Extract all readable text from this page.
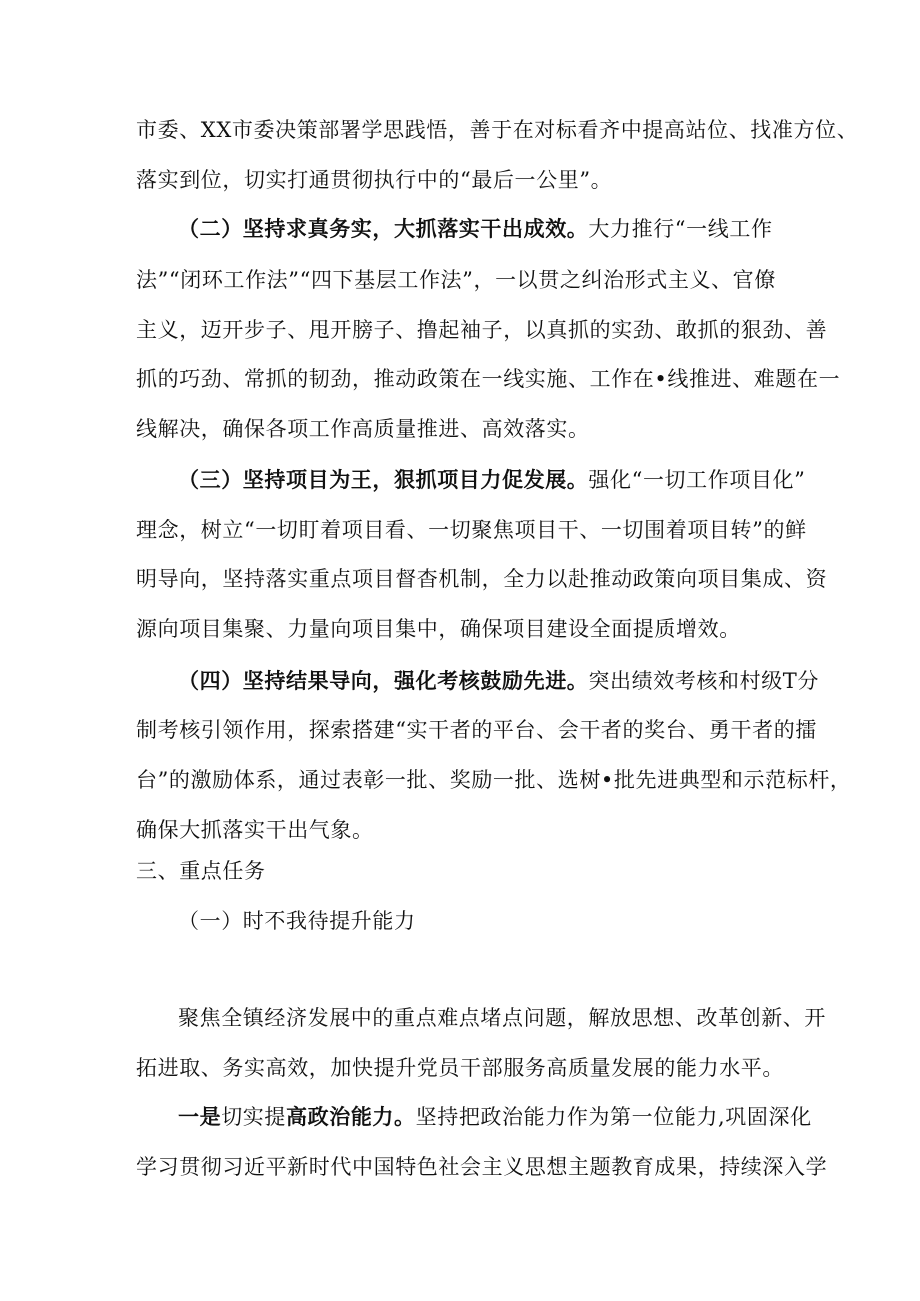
市委、XX市委决策部署学思践悟，善于在对标看齐中提高站位、找准方位、
落实到位，切实打通贯彻执行中的“最后一公里”。
（二）坚持求真务实，大抓落实干出成效。大力推行“一线工作
法”“闭环工作法”“四下基层工作法”，一以贯之纠治形式主义、官僚
主义，迈开步子、甩开膀子、撸起袖子，以真抓的实劲、敢抓的狠劲、善
抓的巧劲、常抓的韧劲，推动政策在一线实施、工作在•线推进、难题在一
线解决，确保各项工作高质量推进、高效落实。
（三）坚持项目为王，狠抓项目力促发展。强化“一切工作项目化”
理念，树立“一切盯着项目看、一切聚焦项目干、一切围着项目转”的鲜
明导向，坚持落实重点项目督杳机制，全力以赴推动政策向项目集成、资
源向项目集聚、力量向项目集中，确保项目建设全面提质增效。
（四）坚持结果导向，强化考核鼓励先进。突出绩效考核和村级T分
制考核引领作用，探索搭建“实干者的平台、会干者的奖台、勇干者的擂
台”的激励体系，通过表彰一批、奖励一批、选树•批先进典型和示范标杆，
确保大抓落实干出气象。
三、重点任务
（一）时不我待提升能力
聚焦全镇经济发展中的重点难点堵点问题，解放思想、改革创新、开
拓进取、务实高效，加快提升党员干部服务高质量发展的能力水平。
一是切实提高政治能力。坚持把政治能力作为第一位能力,巩固深化
学习贯彻习近平新时代中国特色社会主义思想主题教育成果，持续深入学
